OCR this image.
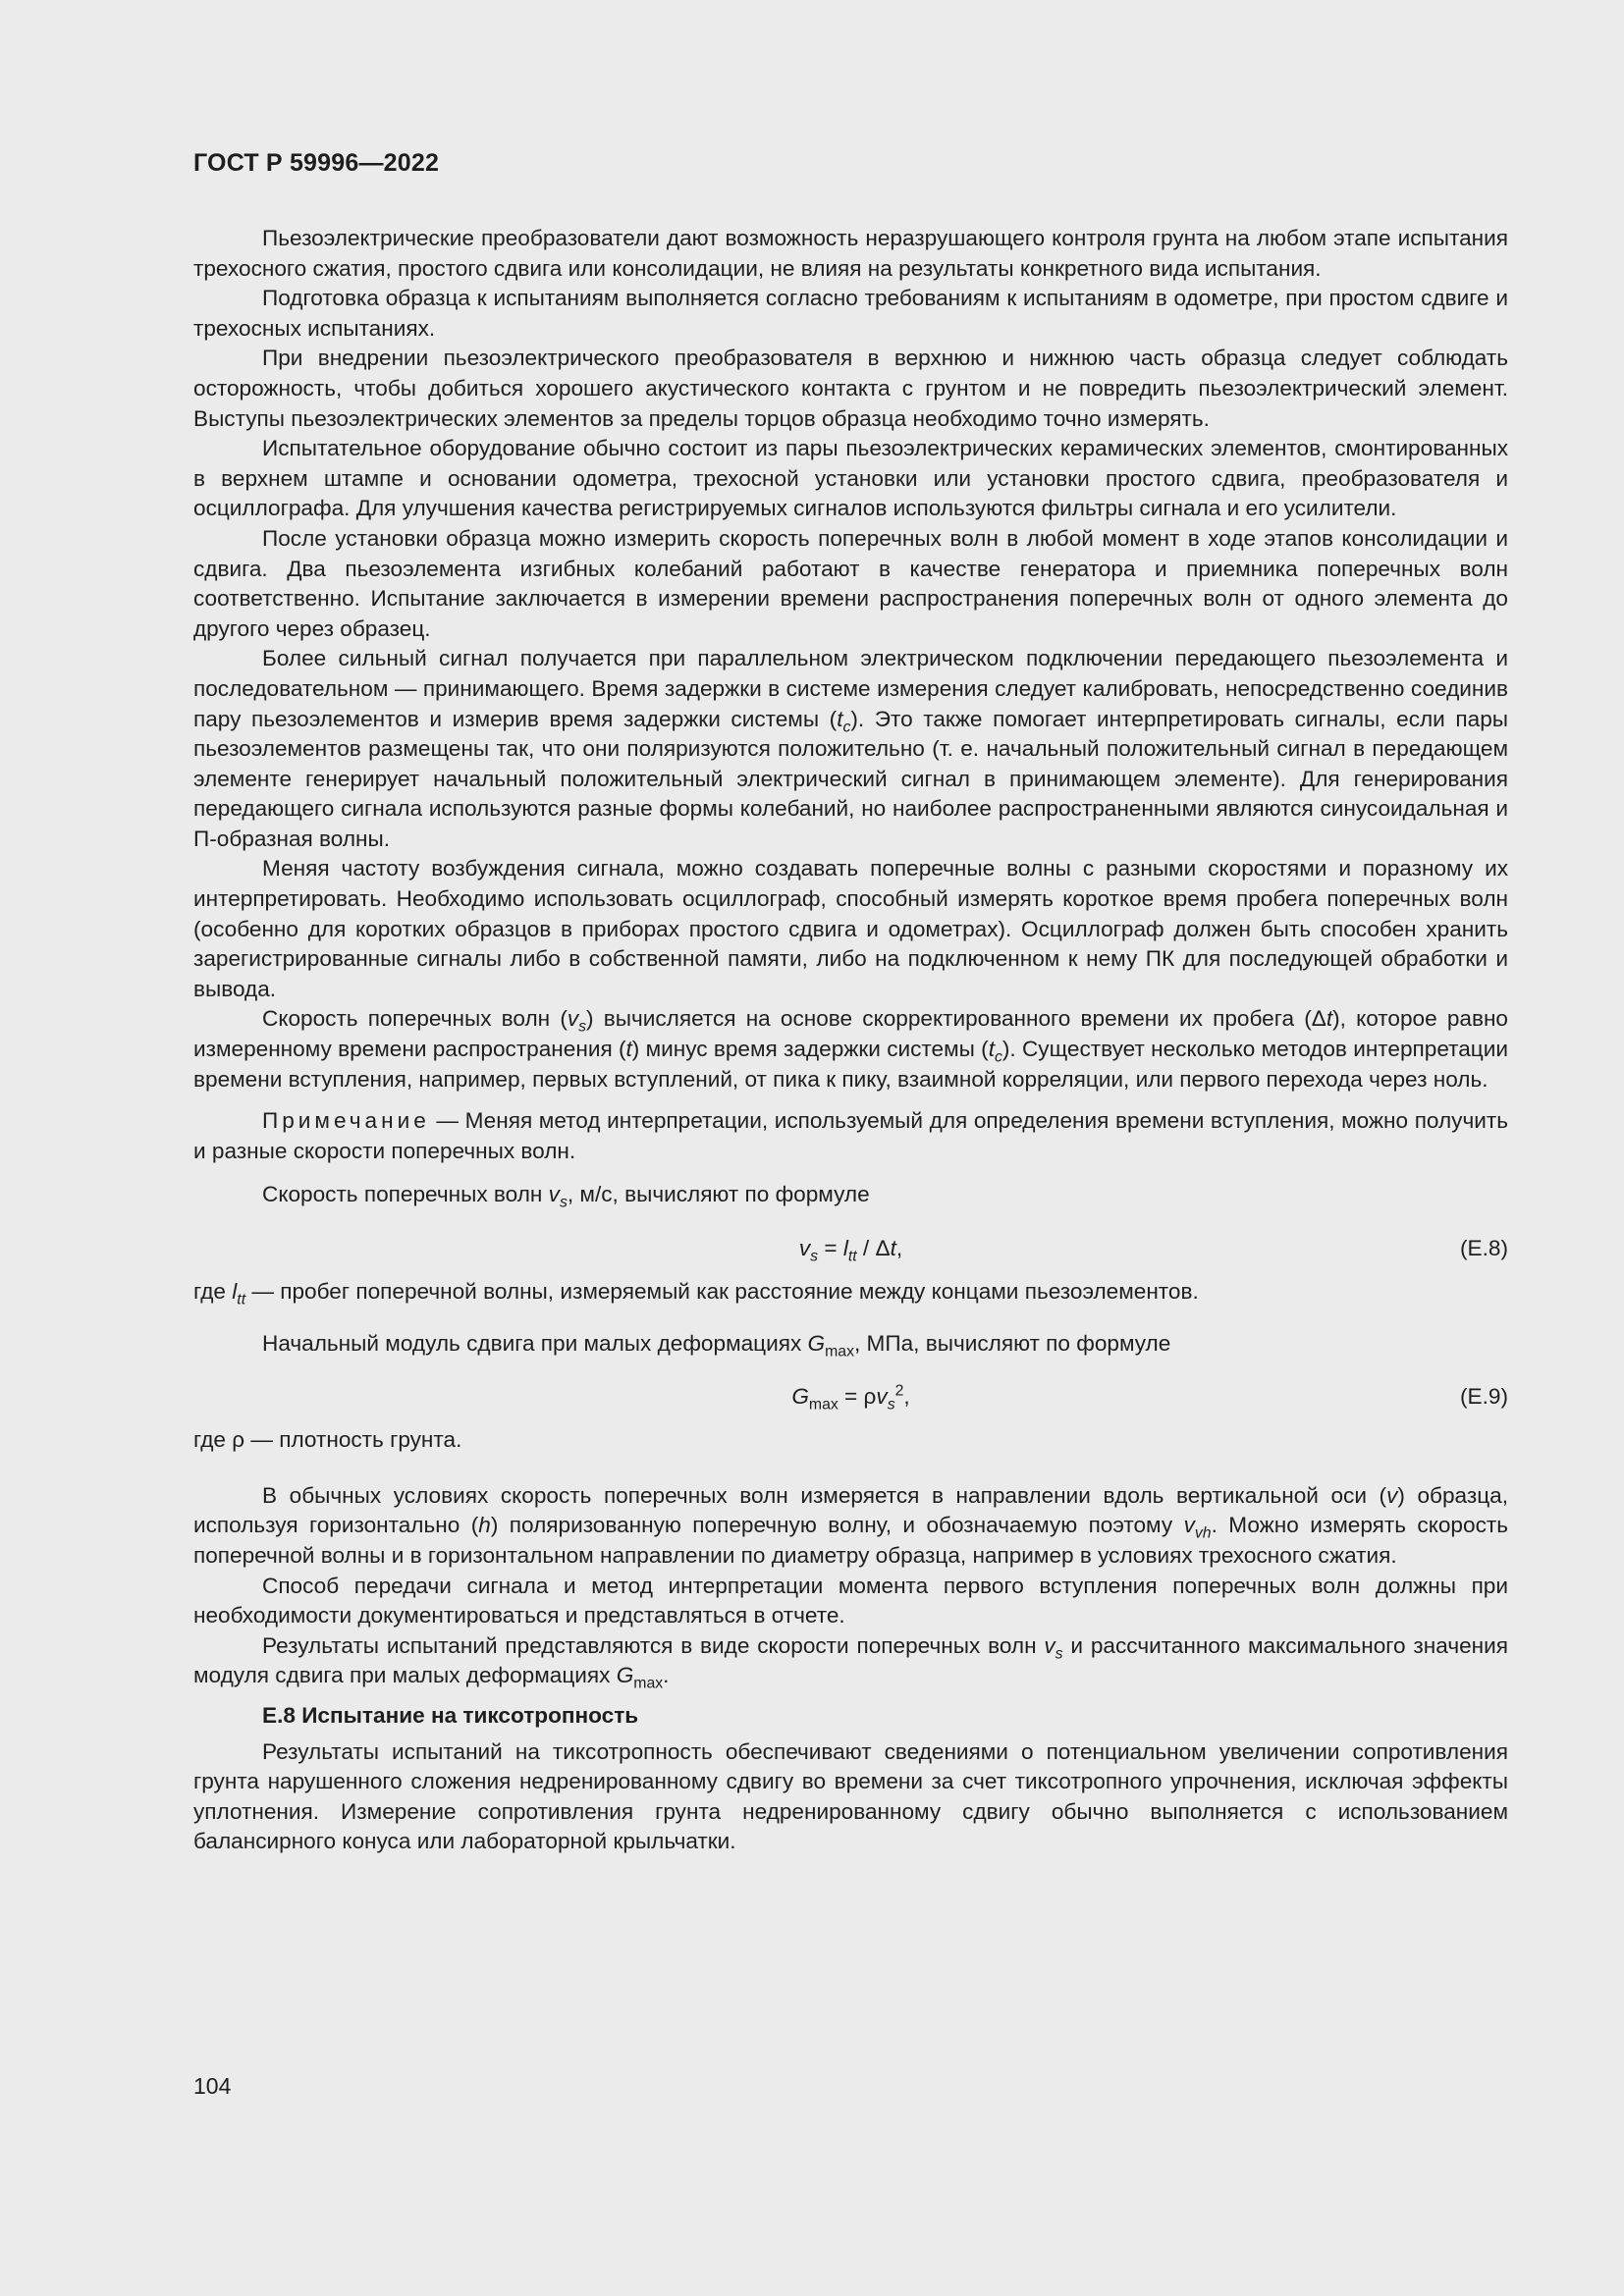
ГОСТ Р 59996—2022

Пьезоэлектрические преобразователи дают возможность неразрушающего контроля грунта на любом этапе испытания трехосного сжатия, простого сдвига или консолидации, не влияя на результаты конкретного вида испытания.

Подготовка образца к испытаниям выполняется согласно требованиям к испытаниям в одометре, при простом сдвиге и трехосных испытаниях.

При внедрении пьезоэлектрического преобразователя в верхнюю и нижнюю часть образца следует соблюдать осторожность, чтобы добиться хорошего акустического контакта с грунтом и не повредить пьезоэлектрический элемент. Выступы пьезоэлектрических элементов за пределы торцов образца необходимо точно измерять.

Испытательное оборудование обычно состоит из пары пьезоэлектрических керамических элементов, смонтированных в верхнем штампе и основании одометра, трехосной установки или установки простого сдвига, преобразователя и осциллографа. Для улучшения качества регистрируемых сигналов используются фильтры сигнала и его усилители.

После установки образца можно измерить скорость поперечных волн в любой момент в ходе этапов консолидации и сдвига. Два пьезоэлемента изгибных колебаний работают в качестве генератора и приемника поперечных волн соответственно. Испытание заключается в измерении времени распространения поперечных волн от одного элемента до другого через образец.

Более сильный сигнал получается при параллельном электрическом подключении передающего пьезоэлемента и последовательном — принимающего. Время задержки в системе измерения следует калибровать, непосредственно соединив пару пьезоэлементов и измерив время задержки системы $(t_c)$. Это также помогает интерпретировать сигналы, если пары пьезоэлементов размещены так, что они поляризуются положительно (т. е. начальный положительный сигнал в передающем элементе генерирует начальный положительный электрический сигнал в принимающем элементе). Для генерирования передающего сигнала используются разные формы колебаний, но наиболее распространенными являются синусоидальная и П-образная волны.

Меняя частоту возбуждения сигнала, можно создавать поперечные волны с разными скоростями и поразному их интерпретировать. Необходимо использовать осциллограф, способный измерять короткое время пробега поперечных волн (особенно для коротких образцов в приборах простого сдвига и одометрах). Осциллограф должен быть способен хранить зарегистрированные сигналы либо в собственной памяти, либо на подключенном к нему ПК для последующей обработки и вывода.

Скорость поперечных волн $(v_s)$ вычисляется на основе скорректированного времени их пробега (Δt), которое равно измеренному времени распространения (t) минус время задержки системы $(t_c)$. Существует несколько методов интерпретации времени вступления, например, первых вступлений, от пика к пику, взаимной корреляции, или первого перехода через ноль.

Примечание — Меняя метод интерпретации, используемый для определения времени вступления, можно получить и разные скорости поперечных волн.

Скорость поперечных волн $v_s$, м/с, вычисляют по формуле

$v_s = l_{tt} / \Delta t$,	(Е.8)

где $l_{tt}$ — пробег поперечной волны, измеряемый как расстояние между концами пьезоэлементов.

Начальный модуль сдвига при малых деформациях $G_{max}$, МПа, вычисляют по формуле

$G_{max} = \rho v_s^2$,	(Е.9)

где ρ — плотность грунта.

В обычных условиях скорость поперечных волн измеряется в направлении вдоль вертикальной оси (v) образца, используя горизонтально (h) поляризованную поперечную волну, и обозначаемую поэтому $v_{vh}$. Можно измерять скорость поперечной волны и в горизонтальном направлении по диаметру образца, например в условиях трехосного сжатия.

Способ передачи сигнала и метод интерпретации момента первого вступления поперечных волн должны при необходимости документироваться и представляться в отчете.

Результаты испытаний представляются в виде скорости поперечных волн $v_s$ и рассчитанного максимального значения модуля сдвига при малых деформациях $G_{max}$.

Е.8 Испытание на тиксотропность

Результаты испытаний на тиксотропность обеспечивают сведениями о потенциальном увеличении сопротивления грунта нарушенного сложения недренированному сдвигу во времени за счет тиксотропного упрочнения, исключая эффекты уплотнения. Измерение сопротивления грунта недренированному сдвигу обычно выполняется с использованием балансирного конуса или лабораторной крыльчатки.

104
